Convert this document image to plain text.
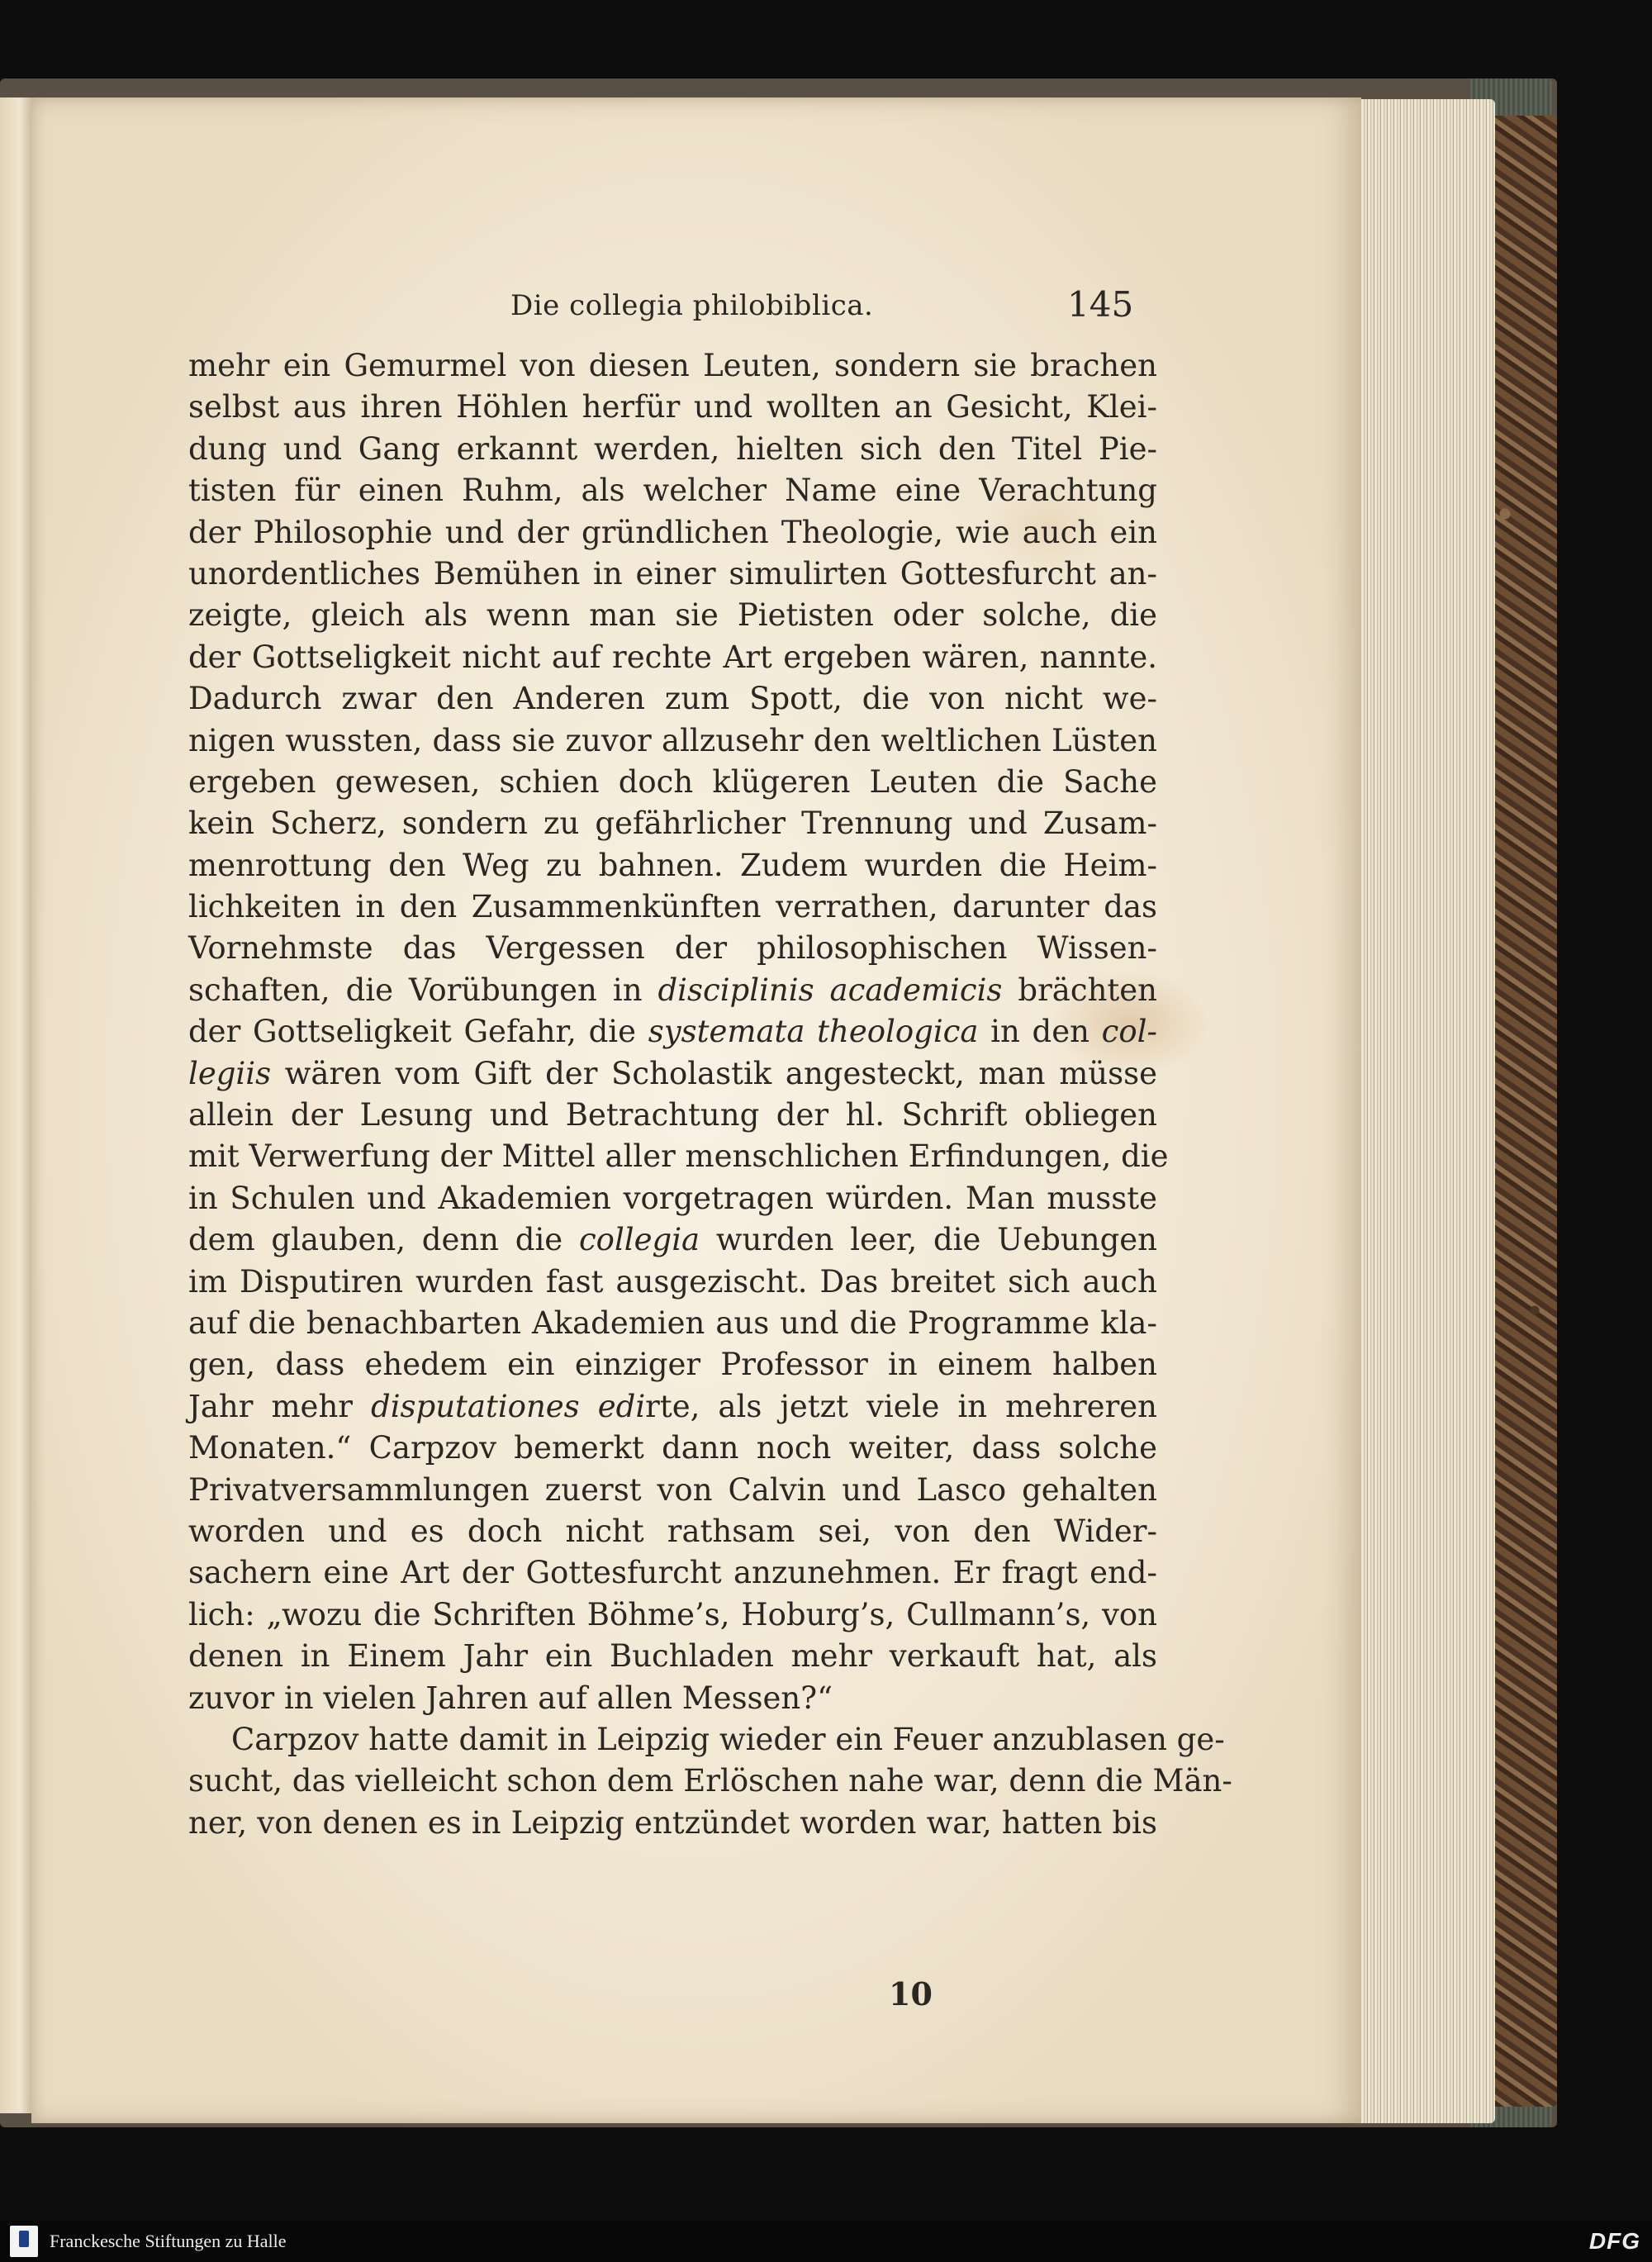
Die collegia philobiblica.	145
mehr ein Gemurmel von diesen Leuten, sondern sie brachen
selbst aus ihren Höhlen herfür und wollten an Gesicht, Klei-
dung und Gang erkannt werden, hielten sich den Titel Pie-
tisten für einen Ruhm, als welcher Name eine Verachtung
der Philosophie und der gründlichen Theologie, wie auch ein
unordentliches Bemühen in einer simulirten Gottesfurcht an-
zeigte, gleich als wenn man sie Pietisten oder solche, die
der Gottseligkeit nicht auf rechte Art ergeben wären, nannte.
Dadurch zwar den Anderen zum Spott, die von nicht we-
nigen wussten, dass sie zuvor allzusehr den weltlichen Lüsten
ergeben gewesen, schien doch klügeren Leuten die Sache
kein Scherz, sondern zu gefährlicher Trennung und Zusam-
menrottung den Weg zu bahnen. Zudem wurden die Heim-
lichkeiten in den Zusammenkünften verrathen, darunter das
Vornehmste das Vergessen der philosophischen Wissen-
schaften, die Vorübungen in disciplinis academicis brächten
der Gottseligkeit Gefahr, die systemata theologica in den col-
legiis wären vom Gift der Scholastik angesteckt, man müsse
allein der Lesung und Betrachtung der hl. Schrift obliegen
mit Verwerfung der Mittel aller menschlichen Erfindungen, die
in Schulen und Akademien vorgetragen würden. Man musste
dem glauben, denn die collegia wurden leer, die Uebungen
im Disputiren wurden fast ausgezischt. Das breitet sich auch
auf die benachbarten Akademien aus und die Programme kla-
gen, dass ehedem ein einziger Professor in einem halben
Jahr mehr disputationes edirte, als jetzt viele in mehreren
Monaten.“ Carpzov bemerkt dann noch weiter, dass solche
Privatversammlungen zuerst von Calvin und Lasco gehalten
worden und es doch nicht rathsam sei, von den Wider-
sachern eine Art der Gottesfurcht anzunehmen. Er fragt end-
lich: „wozu die Schriften Böhme’s, Hoburg’s, Cullmann’s, von
denen in Einem Jahr ein Buchladen mehr verkauft hat, als
zuvor in vielen Jahren auf allen Messen?“
Carpzov hatte damit in Leipzig wieder ein Feuer anzublasen ge-
sucht, das vielleicht schon dem Erlöschen nahe war, denn die Män-
ner, von denen es in Leipzig entzündet worden war, hatten bis
10
Franckesche Stiftungen zu Halle	DFG
